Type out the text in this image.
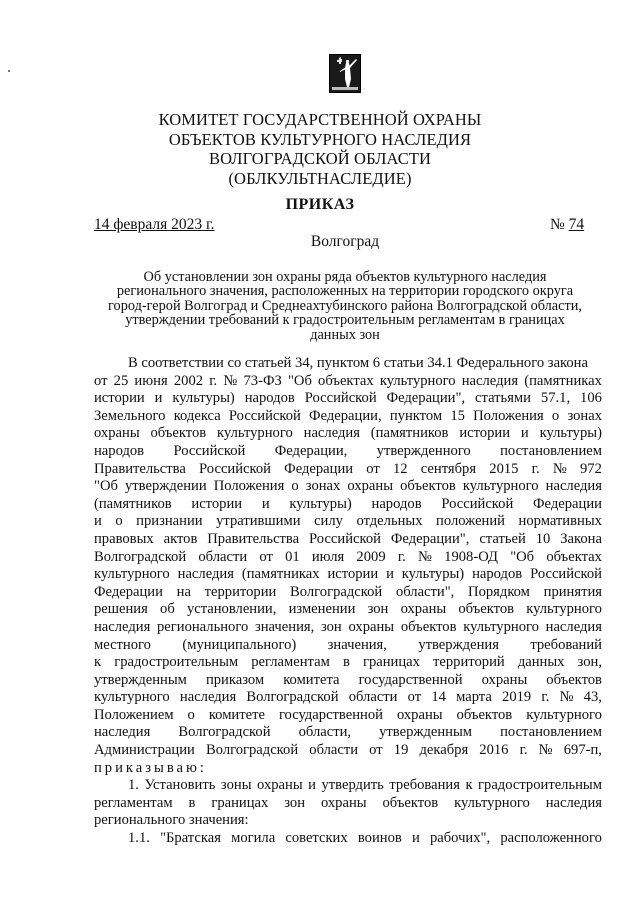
КОМИТЕТ ГОСУДАРСТВЕННОЙ ОХРАНЫ
ОБЪЕКТОВ КУЛЬТУРНОГО НАСЛЕДИЯ
ВОЛГОГРАДСКОЙ ОБЛАСТИ
(ОБЛКУЛЬТНАСЛЕДИЕ)
ПРИКАЗ
14 февраля 2023 г.	№ 74
Волгоград
Об установлении зон охраны ряда объектов культурного наследия
регионального значения, расположенных на территории городского округа
город-герой Волгоград и Среднеахтубинского района Волгоградской области,
утверждении требований к градостроительным регламентам в границах
данных зон
В соответствии со статьей 34, пунктом 6 статьи 34.1 Федерального закона
от 25 июня 2002 г. № 73-ФЗ "Об объектах культурного наследия (памятниках
истории и культуры) народов Российской Федерации", статьями 57.1, 106
Земельного кодекса Российской Федерации, пунктом 15 Положения о зонах
охраны объектов культурного наследия (памятников истории и культуры)
народов Российской Федерации, утвержденного постановлением
Правительства Российской Федерации от 12 сентября 2015 г. № 972
"Об утверждении Положения о зонах охраны объектов культурного наследия
(памятников истории и культуры) народов Российской Федерации
и о признании утратившими силу отдельных положений нормативных
правовых актов Правительства Российской Федерации", статьей 10 Закона
Волгоградской области от 01 июля 2009 г. № 1908-ОД "Об объектах
культурного наследия (памятниках истории и культуры) народов Российской
Федерации на территории Волгоградской области", Порядком принятия
решения об установлении, изменении зон охраны объектов культурного
наследия регионального значения, зон охраны объектов культурного наследия
местного (муниципального) значения, утверждения требований
к градостроительным регламентам в границах территорий данных зон,
утвержденным приказом комитета государственной охраны объектов
культурного наследия Волгоградской области от 14 марта 2019 г. № 43,
Положением о комитете государственной охраны объектов культурного
наследия Волгоградской области, утвержденным постановлением
Администрации Волгоградской области от 19 декабря 2016 г. № 697-п,
приказываю:
1. Установить зоны охраны и утвердить требования к градостроительным
регламентам в границах зон охраны объектов культурного наследия
регионального значения:
1.1. "Братская могила советских воинов и рабочих", расположенного
